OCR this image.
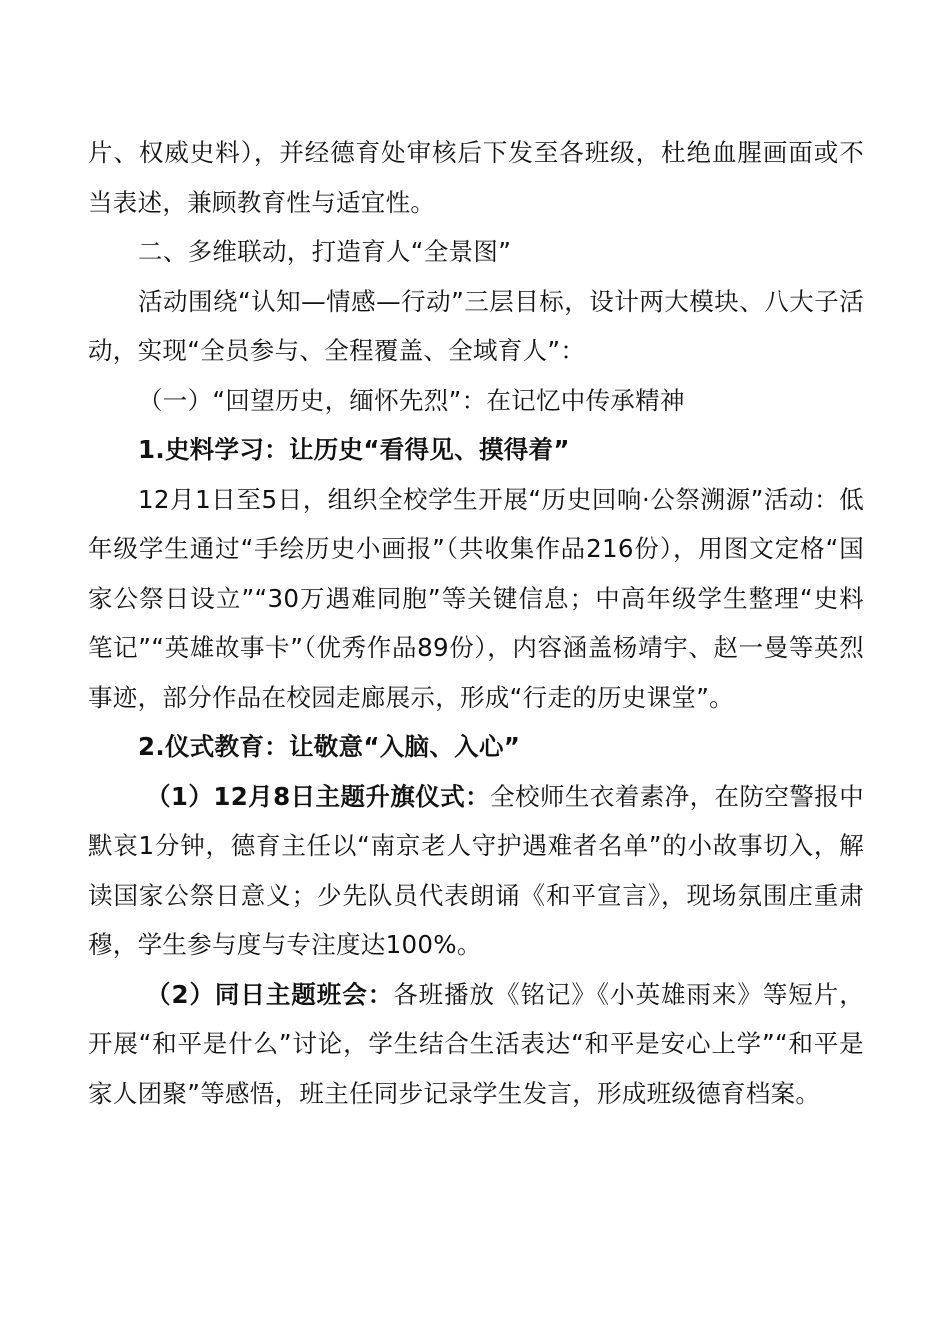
片、权威史料），并经德育处审核后下发至各班级，杜绝血腥画面或不当表述，兼顾教育性与适宜性。

二、多维联动，打造育人“全景图”

活动围绕“认知—情感—行动”三层目标，设计两大模块、八大子活动，实现“全员参与、全程覆盖、全域育人”：

（一）“回望历史，缅怀先烈”：在记忆中传承精神

1.史料学习：让历史“看得见、摸得着”

12月1日至5日，组织全校学生开展“历史回响·公祭溯源”活动：低年级学生通过“手绘历史小画报”（共收集作品216份），用图文定格“国家公祭日设立”“30万遇难同胞”等关键信息；中高年级学生整理“史料笔记”“英雄故事卡”（优秀作品89份），内容涵盖杨靖宇、赵一曼等英烈事迹，部分作品在校园走廊展示，形成“行走的历史课堂”。

2.仪式教育：让敬意“入脑、入心”

（1）12月8日主题升旗仪式：全校师生衣着素净，在防空警报中默哀1分钟，德育主任以“南京老人守护遇难者名单”的小故事切入，解读国家公祭日意义；少先队员代表朗诵《和平宣言》，现场氛围庄重肃穆，学生参与度与专注度达100%。

（2）同日主题班会：各班播放《铭记》《小英雄雨来》等短片，开展“和平是什么”讨论，学生结合生活表达“和平是安心上学”“和平是家人团聚”等感悟，班主任同步记录学生发言，形成班级德育档案。
